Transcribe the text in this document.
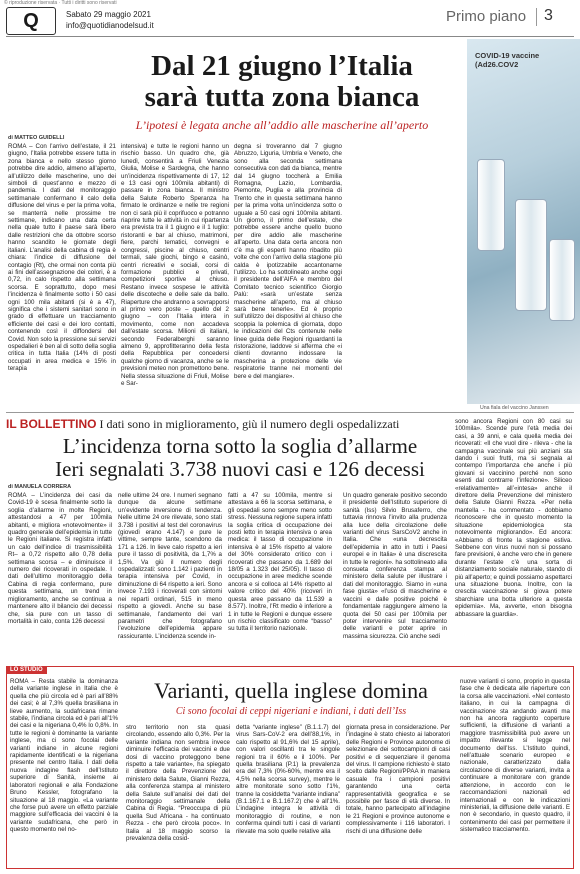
© riproduzione riservata · Tutti i diritti sono riservati
Q	Sabato 29 maggio 2021
info@quotidianodelsud.it
Primo piano 3
Dal 21 giugno l’Italia
sarà tutta zona bianca
L’ipotesi è legata anche all’addio alle mascherine all’aperto
di MATTEO GUIDELLI
ROMA – Con l’arrivo dell’estate, il 21 giugno, l’Italia potrebbe essere tutta in zona bianca e nello stesso giorno potrebbe dire addio, almeno all’aperto, all’utilizzo delle mascherine, uno dei simboli di quest’anno e mezzo di pandemia. I dati del monitoraggio settimanale confermano il calo della diffusione del virus e per la prima volta, se manterrà nelle prossime tre settimane, indicano una data certa nella quale tutto il paese sarà libero dalle restrizioni che da ottobre scorso hanno scandito le giornate degli italiani. L’analisi della cabina di regia è chiara: l’indice di diffusione del contagio (Rt), che ormai non conta più ai fini dell’assegnazione dei colori, è a 0,72, in calo rispetto alla settimana scorsa. E soprattutto, dopo mesi l’incidenza è finalmente sotto i 50 casi ogni 100 mila abitanti (si è a 47), significa che i sistemi sanitari sono in grado di effettuare un tracciamento efficiente dei casi e dei loro contatti, contenendo così il diffondersi del Covid. Non solo la pressione sui servizi ospedalieri è ben al di sotto della soglia critica in tutta Italia (14% di posti occupati in area medica e 15% in terapia
intensiva) e tutte le regioni hanno un rischio basso. Un quadro che, già lunedì, consentirà a Friuli Venezia Giulia, Molise e Sardegna, che hanno un’incidenza rispettivamente di 17, 12 e 13 casi ogni 100mila abitanti) di passare in zona bianca. Il ministro della Salute Roberto Speranza ha firmato le ordinanze e nelle tre regioni non ci sarà più il coprifuoco e potranno riaprire tutte le attività in cui ripartenza era prevista tra il 1 giugno e il 1 luglio: ristoranti e bar al chiuso, matrimoni, fiere, parchi tematici, convegni e congressi, piscine al chiuso, centri termali, sale giochi, bingo e casinò, centri ricreativi e sociali, corsi di formazione pubblici e privati, competizioni sportive al chiuso. Restano invece sospese le attività delle discoteche e delle sale da ballo. Riaperture che andranno a sovrapporsi al primo vero poste – quello del 2 giugno – con l’Italia intera in movimento, come non accadeva dall’estate scorsa. Milioni di italiani, secondo Federalberghi saranno almeno 9, approfitteranno della festa della Repubblica per concedersi qualche giorno di vacanza, anche se le previsioni meteo non promettono bene. Nella stessa situazione di Friuli, Molise e Sar-
degna si troveranno dal 7 giugno Abruzzo, Liguria, Umbria e Veneto, che sono alla seconda settimana consecutiva con dati da bianca, mentre dal 14 giugno toccherà a Emilia Romagna, Lazio, Lombardia, Piemonte, Puglia e alla provincia di Trento che in questa settimana hanno per la prima volta un’incidenza sotto o uguale a 50 casi ogni 100mila abitanti. Un giorno, il primo dell’estate, che potrebbe essere anche quello buono per dire addio alle mascherine all’aperto. Una data certa ancora non c’è ma gli esperti hanno ribadito più volte che con l’arrivo della stagione più calda è ipotizzabile accantonarne l’utilizzo. Lo ha sottolineato anche oggi il presidente dell’AIFA e membro del Comitato tecnico scientifico Giorgio Palù: «sarà un’estate senza mascherine all’aperto, ma al chiuso sarà bene tenerle». Ed è proprio sull’utilizzo dei dispositivi al chiuso che scoppia la polemica di giornata, dopo le indicazioni del Cts contenute nelle linee guida delle Regioni riguardanti la ristorazione, laddove si afferma che «i clienti dovranno indossare la mascherina a protezione delle vie respiratorie tranne nei momenti del bere e del mangiare».
COVID-19 vaccine
(Ad26.COV2
Una fiala del vaccino Janssen
IL BOLLETTINO I dati sono in miglioramento, giù il numero degli ospedalizzati
L’incidenza torna sotto la soglia d’allarme
Ieri segnalati 3.738 nuovi casi e 126 decessi
di MANUELA CORRERA
ROMA – L’incidenza dei casi da Covid-19 è scesa finalmente sotto la soglia d’allarme in molte Regioni, attestandosi a 47 per 100mila abitanti, e migliora «notevolmente» il quadro generale dell’epidemia in tutte le Regioni italiane. Si registra infatti un calo dell’indice di trasmissibilità Rt– a 0,72 rispetto allo 0,78 della settimana scorsa – e diminuisce il numero dei ricoverati in ospedale. I dati dell’ultimo monitoraggio della Cabina di regia confermano, pure questa settimana, un trend in miglioramento, anche se continua a mantenere alto il bilancio dei decessi che, sia pure con un tasso di mortalità in calo, conta 126 decessi
nelle ultime 24 ore. I numeri segnano dunque da alcune settimane un’evidente inversione di tendenza. Nelle ultime 24 ore rilevate, sono stati 3.738 i positivi al test del coronavirus (giovedì erano 4.147) e pure le vittime, sempre tante, scendono da 171 a 126. In lieve calo rispetto a ieri pure il tasso di positività, da 1,7% a 1,5%. Va giù il numero degli ospedalizzati: sono 1.142 i pazienti in terapia intensiva per Covid, in diminuzione di 64 rispetto a ieri. Sono invece 7.193 i ricoverati con sintomi nei reparti ordinari, 515 in meno rispetto a giovedì. Anche su base settimanale, l’andamento dei vari parametri che fotografano l’evoluzione dell’epidemia appare rassicurante. L’incidenza scende in-
fatti a 47 su 100mila, mentre si attestava a 66 la scorsa settimana, e gli ospedali sono sempre meno sotto stress. Nessuna regione supera infatti la soglia critica di occupazione dei posti letto in terapia intensiva o area medica: il tasso di occupazione in intensiva è al 15% rispetto al valore del 30% considerato critico con i ricoverati che passano da 1.689 del 18/05 a 1.323 del 25/05). Il tasso di occupazione in aree mediche scende ancora e si colloca al 14% rispetto al valore critico del 40% (ricoveri in questa aree passano da 11.539 a 8.577). Inoltre, l’Rt medio è inferiore a 1 in tutte le Regioni e dunque essere un rischio classificato come “basso” su tutta il territorio nazionale.
Un quadro generale positivo secondo il presidente dell’Istituto superiore di sanità (Iss) Silvio Brusaferro, che tuttavia rinnova l’invito alla prudenza alla luce della circolazione delle varianti del virus SarsCoV2 anche in Italia. Che «una decrescita dell’epidemia in atto in tutti i Paesi europei e in Italia» è una discrescita in tutte le regioni». ha sottolineato alla consueta conferenza stampa al ministero della salute per illustrare i dati del monitoraggio. Siamo in «una fase giusta» «l’uso di mascherine e vaccini e dalle positive poiché è fondamentale raggiungere almeno la quota dei 50 casi per 100mila per poter intervenire sul tracciamento delle varianti e poter aprire in massima sicurezza. Ciò anche sedi
sono ancora Regioni con 80 casi su 100mila». Scende pure l’età media dei casi, a 39 anni, e cala quella media dei ricoverati: «Il che vuol dire - rileva - che la campagna vaccinale sui più anziani sta dando i suoi frutti, ma si segnala al contempo l’importanza che anche i più giovani si vaccinino perché non sono esenti dal contrarre l’infezione». Siliceo «relativamente» all’«intesa» anche il direttore della Prevenzione del ministero della Salute Gianni Rezza. «Per nella mantella - ha commentato - dobbiamo riconoscere che in questo momento la situazione epidemiologica sta notevolmente migliorando». Ed ancora: «Abbiamo di fronte la stagione estiva. Sebbene con virus nuovi non si possano fare previsioni, è anche vero che in genere durante l’estate c’è una sorta di distanziamento sociale naturale, stando di più all’aperto; e quindi possiamo aspettarci una situazione buona. Inoltre, con la crescita vaccinazione si giova potere sbarchiare una botta ulteriore a questa epidemia». Ma, avverte, «non bisogna abbassare la guardia».
LO STUDIO
Varianti, quella inglese domina
Ci sono focolai di ceppi nigeriani e indiani, i dati dell’Iss
ROMA – Resta stabile la dominanza della variante inglese in Italia che è quella che più circola ed è pari all’88% dei casi; è al 7,3% quella brasiliana in lieve aumento, la sudafricana rimane stabile, l’indiana circola ed è pari all’1% dei casi e la nigeriana 0,4% lo 0,8%. In tutte le regioni è dominante la variante inglese, ma ci sono focolai delle varianti indiane in alcune regioni rapidamente identificati e la nigeriana presente nel centro Italia. I dati della nuova indagine flash dell’Istituto superiore di Sanità, insieme ai laboratori regionali e alla Fondazione Bruno Kessler, fotografano la situazione al 18 maggio. «La variante che forse può avere un effetto parziale maggiore sull’efficacia dei vaccini è la variante sudafricana, che però in questo momento nel no-
stro territorio non sta quasi circolando, essendo allo 0,3%. Per la variante indiana non sembra invece diminuire l’efficacia dei vaccini e due dosi di vaccino proteggono bene rispetto a tale variante», ha spiegato il direttore della Prevenzione del ministero della Salute, Gianni Rezza, alla conferenza stampa al ministero della Salute sull’analisi dei dati del monitoraggio settimanale della Cabina di Regia. “Preoccupa di più quella Sud Africana - ha continuato Rezza - che però circola poco». In Italia al 18 maggio scorso la prevalenza della cosid-
detta “variante inglese” (B.1.1.7) del virus Sars-CoV-2 era dell’88,1%, in calo rispetto al 91,6% del 15 aprile), con valori oscillanti tra le singole regioni tra il 60% e il 100%. Per quella brasiliana (P.1) la prevalenza era del 7,3% (0%-60%, mentre era il 4,5% nella scorsa survey), mentre le altre monitorate sono sotto l’1%, tranne la cosiddetta “variante indiana” (B.1.167.1 e B.1.167.2) che è all’1%. L’indagine integra le attività di monitoraggio di routine, e non conferma quindi tutti i casi di varianti rilevate ma solo quelle relative alla
giornata presa in considerazione. Per l’indagine è stato chiesto ai laboratori delle Regioni e Province autonome di selezionare dei sottocampioni di casi positivi e di sequenziare il genoma del virus. Il campione richiesto è stato scelto dalle Regioni/PPAA in maniera casuale fra i campioni positivi garantendo una certa rappresentatività geografica e se possibile per fasce di età diverse. In totale, hanno partecipato all’indagine le 21 Regioni e province autonome e complessivamente i 116 laboratori. I rischi di una diffusione delle
nuove varianti ci sono, proprio in questa fase che è dedicata alle riaperture con la corsa alle vaccinazioni. «Nel contesto italiano, in cui la campagna di vaccinazione sta andando avanti ma non ha ancora raggiunto coperture sufficienti, la diffusione di varianti a maggiore trasmissibilità può avere un impatto rilevante sì legge nel documento dell’Iss. L’Istituto quindi, nell’attuale scenario europeo e nazionale, caratterizzato dalla circolazione di diverse varianti, invita a continuare a monitorare con grande attenzione, in accordo con le raccomandazioni nazionali ed internazionali e con le indicazioni ministeriali, la diffusione delle varianti. E non è secondario, in questo quadro, il contenimento dei casi per permettere il sistematico tracciamento.
